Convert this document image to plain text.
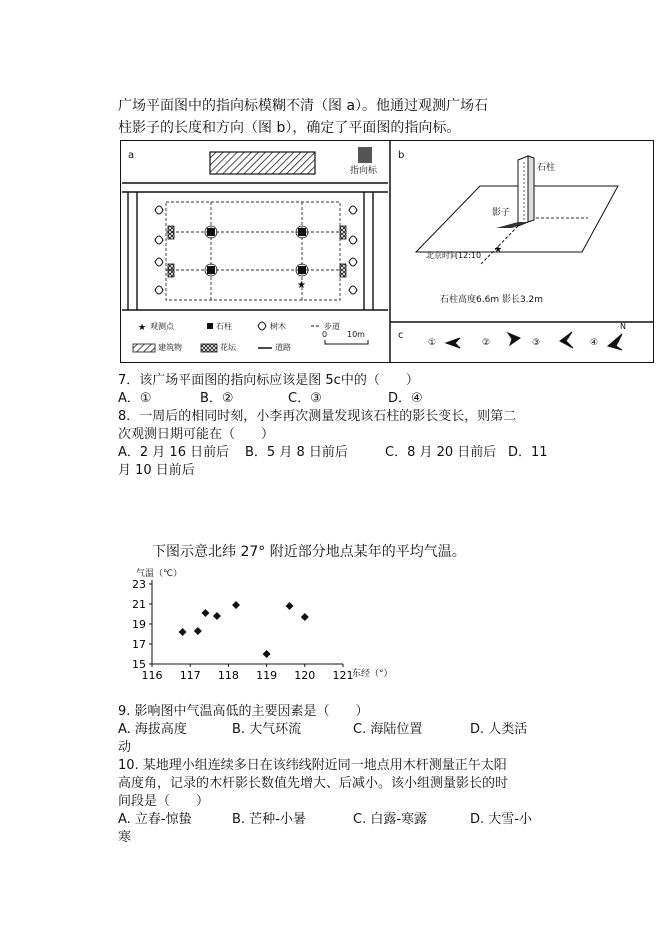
广场平面图中的指向标模糊不清（图 a）。他通过观测广场石
柱影子的长度和方向（图 b），确定了平面图的指向标。
★
★
★
a
指向标
观测点	石柱	树木	步道
建筑物	花坛	道路
0 10m
b
石柱
影子
北京时间12:10
石柱高度6.6m 影长3.2m
c
①	②	③	④
N
7．该广场平面图的指向标应该是图 5c中的（　　）
A．①	B．②	C．③	D．④
8．一周后的相同时刻，小李再次测量发现该石柱的影长变长，则第二
次观测日期可能在（　　）
A．2 月 16 日前后 B．5 月 8 日前后	C．8 月 20 日前后 D．11
月 10 日前后
下图示意北纬 27° 附近部分地点某年的平均气温。
116 117 118 119 120 121
15
17
19
21
23
气温（℃）
东经（°）
9. 影响图中气温高低的主要因素是（　　）
A. 海拔高度	B. 大气环流	C. 海陆位置	D. 人类活
动
10. 某地理小组连续多日在该纬线附近同一地点用木杆测量正午太阳
高度角，记录的木杆影长数值先增大、后减小。该小组测量影长的时
间段是（　　）
A. 立春-惊蛰	B. 芒种-小暑	C. 白露-寒露	D. 大雪-小
寒
